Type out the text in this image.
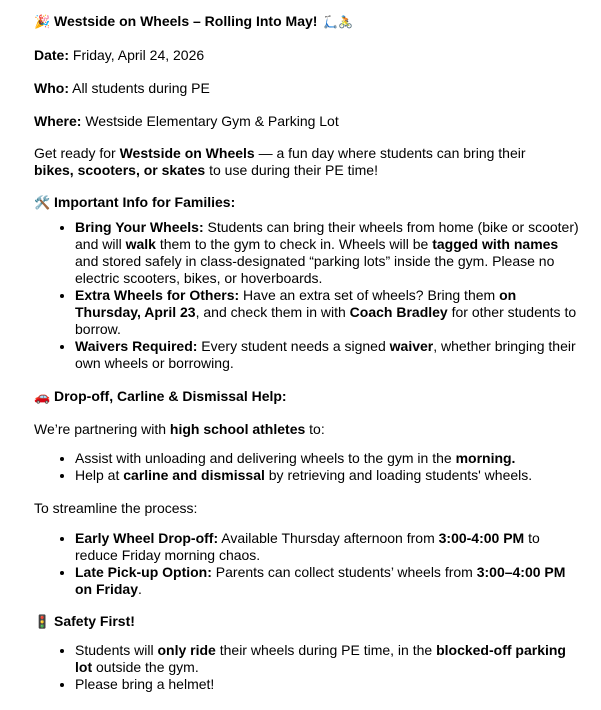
🎉 Westside on Wheels – Rolling Into May! 🛴🚴

Date: Friday, April 24, 2026

Who: All students during PE

Where: Westside Elementary Gym & Parking Lot

Get ready for Westside on Wheels — a fun day where students can bring their bikes, scooters, or skates to use during their PE time!

🛠️ Important Info for Families:

• Bring Your Wheels: Students can bring their wheels from home (bike or scooter) and will walk them to the gym to check in. Wheels will be tagged with names and stored safely in class-designated “parking lots” inside the gym. Please no electric scooters, bikes, or hoverboards.
• Extra Wheels for Others: Have an extra set of wheels? Bring them on Thursday, April 23, and check them in with Coach Bradley for other students to borrow.
• Waivers Required: Every student needs a signed waiver, whether bringing their own wheels or borrowing.

🚗 Drop-off, Carline & Dismissal Help:

We’re partnering with high school athletes to:

• Assist with unloading and delivering wheels to the gym in the morning.
• Help at carline and dismissal by retrieving and loading students' wheels.

To streamline the process:

• Early Wheel Drop-off: Available Thursday afternoon from 3:00-4:00 PM to reduce Friday morning chaos.
• Late Pick-up Option: Parents can collect students’ wheels from 3:00–4:00 PM on Friday.

🚦 Safety First!

• Students will only ride their wheels during PE time, in the blocked-off parking lot outside the gym.
• Please bring a helmet!
